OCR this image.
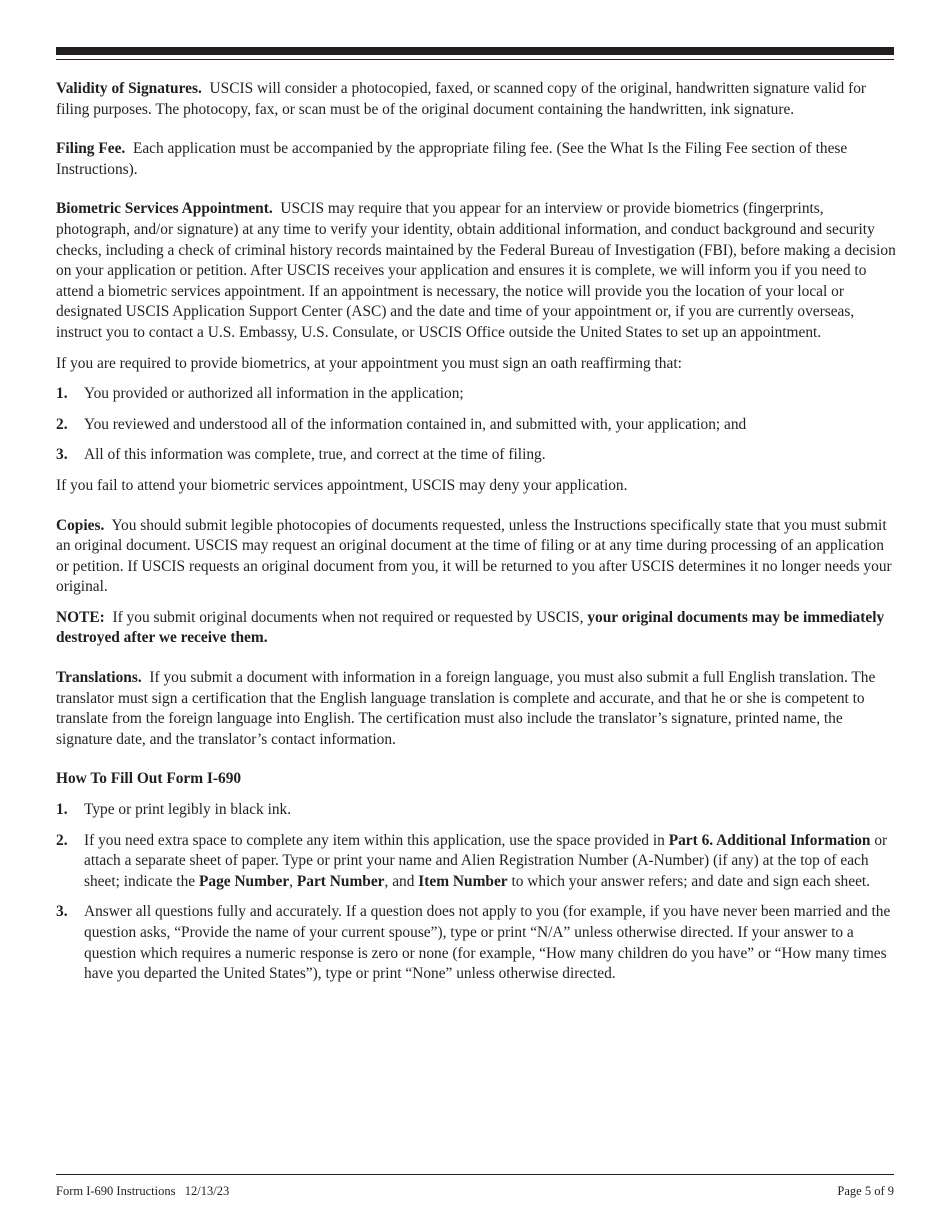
Validity of Signatures. USCIS will consider a photocopied, faxed, or scanned copy of the original, handwritten signature valid for filing purposes. The photocopy, fax, or scan must be of the original document containing the handwritten, ink signature.

Filing Fee. Each application must be accompanied by the appropriate filing fee. (See the What Is the Filing Fee section of these Instructions).

Biometric Services Appointment. USCIS may require that you appear for an interview or provide biometrics (fingerprints, photograph, and/or signature) at any time to verify your identity, obtain additional information, and conduct background and security checks, including a check of criminal history records maintained by the Federal Bureau of Investigation (FBI), before making a decision on your application or petition. After USCIS receives your application and ensures it is complete, we will inform you if you need to attend a biometric services appointment. If an appointment is necessary, the notice will provide you the location of your local or designated USCIS Application Support Center (ASC) and the date and time of your appointment or, if you are currently overseas, instruct you to contact a U.S. Embassy, U.S. Consulate, or USCIS Office outside the United States to set up an appointment.

If you are required to provide biometrics, at your appointment you must sign an oath reaffirming that:

1.	You provided or authorized all information in the application;
2.	You reviewed and understood all of the information contained in, and submitted with, your application; and
3.	All of this information was complete, true, and correct at the time of filing.

If you fail to attend your biometric services appointment, USCIS may deny your application.

Copies. You should submit legible photocopies of documents requested, unless the Instructions specifically state that you must submit an original document. USCIS may request an original document at the time of filing or at any time during processing of an application or petition. If USCIS requests an original document from you, it will be returned to you after USCIS determines it no longer needs your original.

NOTE: If you submit original documents when not required or requested by USCIS, your original documents may be immediately destroyed after we receive them.

Translations. If you submit a document with information in a foreign language, you must also submit a full English translation. The translator must sign a certification that the English language translation is complete and accurate, and that he or she is competent to translate from the foreign language into English. The certification must also include the translator’s signature, printed name, the signature date, and the translator’s contact information.

How To Fill Out Form I-690

1.	Type or print legibly in black ink.
2.	If you need extra space to complete any item within this application, use the space provided in Part 6. Additional Information or attach a separate sheet of paper. Type or print your name and Alien Registration Number (A-Number) (if any) at the top of each sheet; indicate the Page Number, Part Number, and Item Number to which your answer refers; and date and sign each sheet.
3.	Answer all questions fully and accurately. If a question does not apply to you (for example, if you have never been married and the question asks, “Provide the name of your current spouse”), type or print “N/A” unless otherwise directed. If your answer to a question which requires a numeric response is zero or none (for example, “How many children do you have” or “How many times have you departed the United States”), type or print “None” unless otherwise directed.
Form I-690 Instructions   12/13/23	Page 5 of 9
